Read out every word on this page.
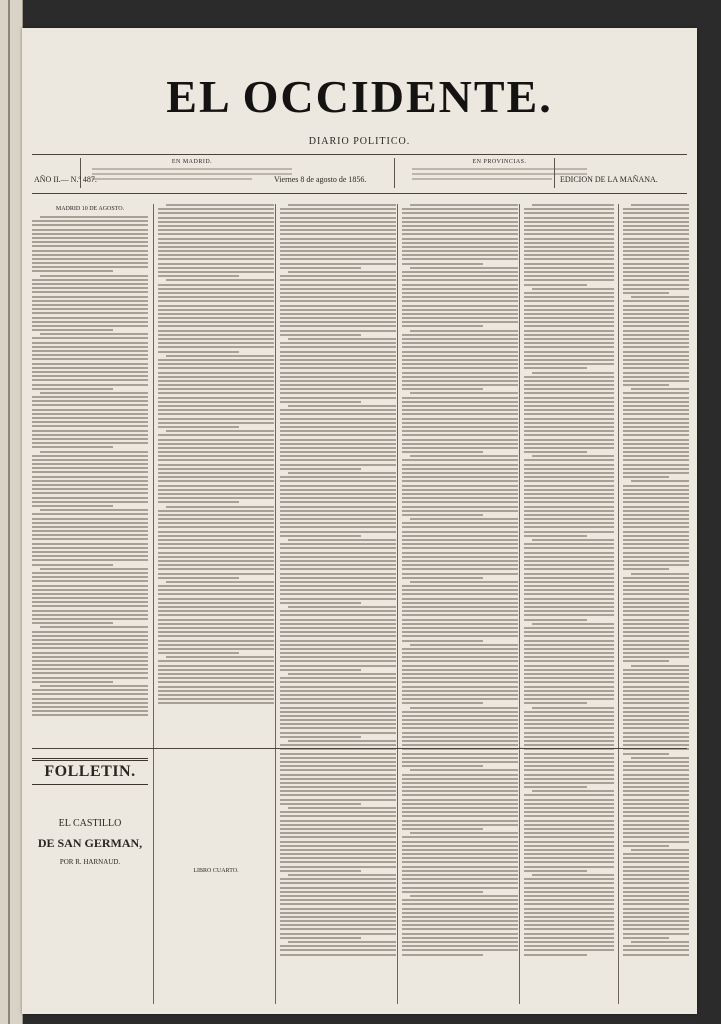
EL OCCIDENTE.
DIARIO POLITICO.
EN MADRID.	EN PROVINCIAS.
AÑO II.— N.º 487.	Viernes 8 de agosto de 1856.	EDICION DE LA MAÑANA.
MADRID 10 DE AGOSTO.
FOLLETIN.
EL CASTILLO
DE SAN GERMAN,
POR R. HARNAUD.
LIBRO CUARTO.
